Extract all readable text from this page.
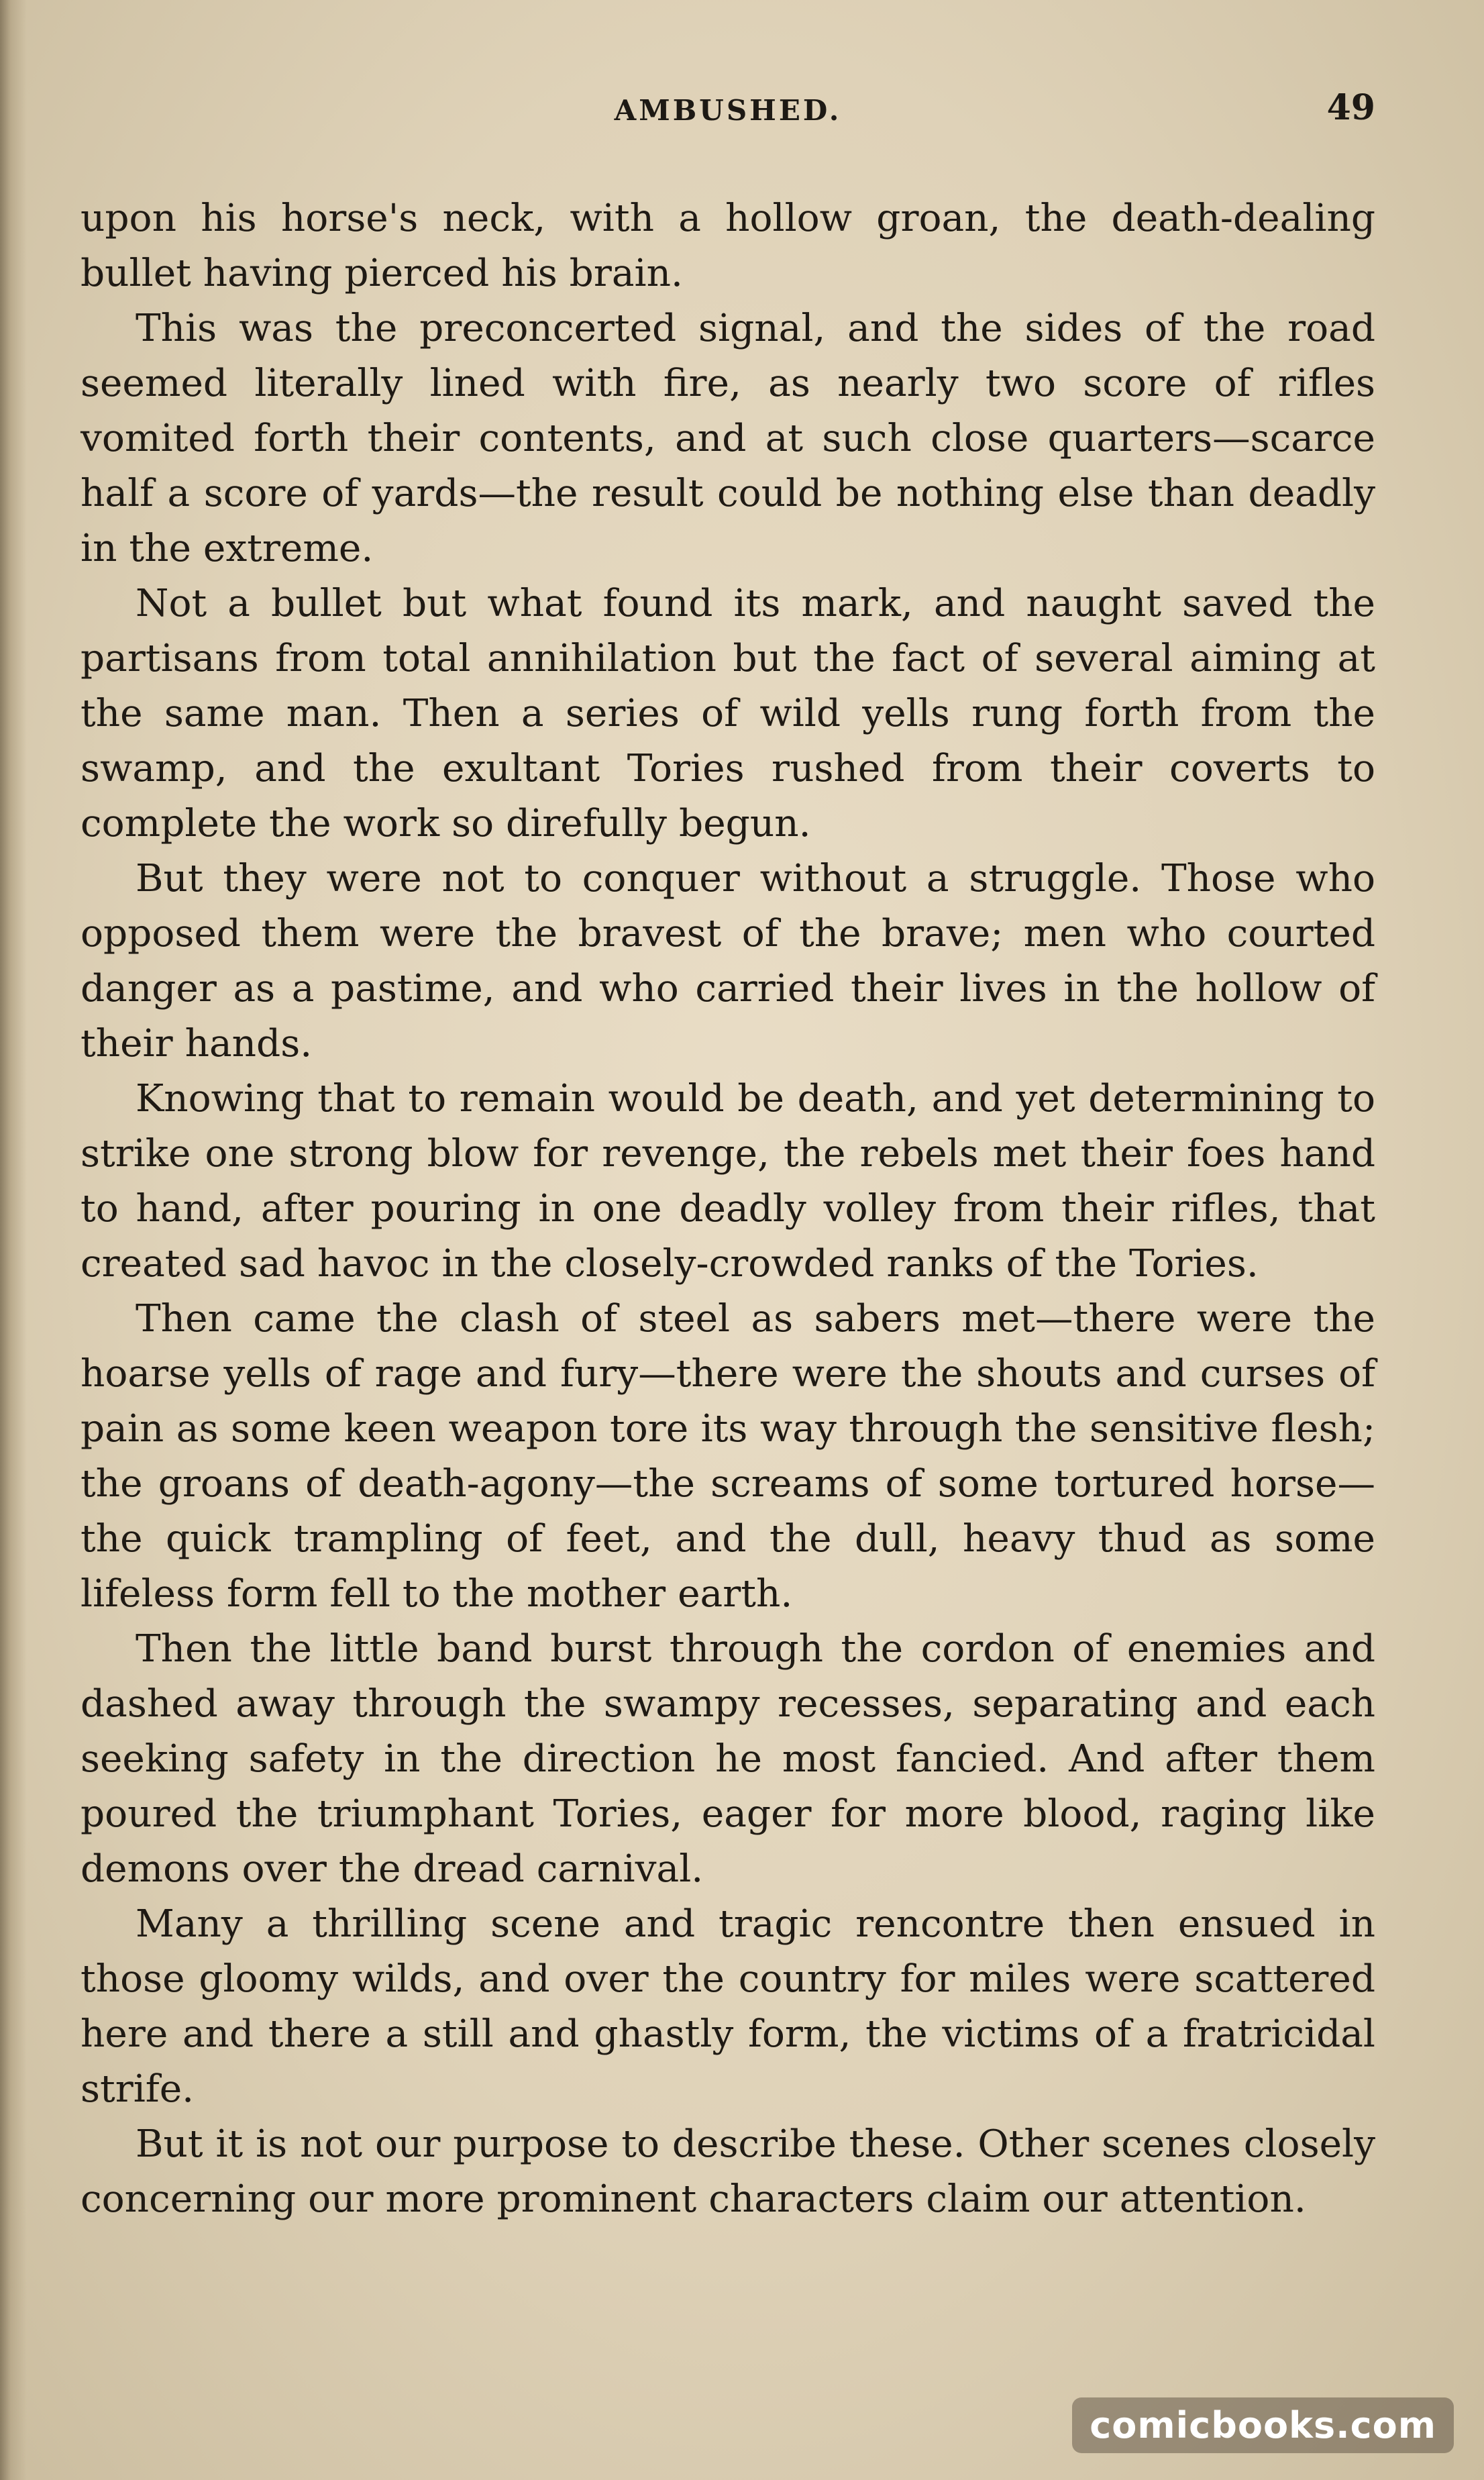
AMBUSHED.	49

upon his horse's neck, with a hollow groan, the death-dealing bullet having pierced his brain.

This was the preconcerted signal, and the sides of the road seemed literally lined with fire, as nearly two score of rifles vomited forth their contents, and at such close quarters—scarce half a score of yards—the result could be nothing else than deadly in the extreme.

Not a bullet but what found its mark, and naught saved the partisans from total annihilation but the fact of several aiming at the same man. Then a series of wild yells rung forth from the swamp, and the exultant Tories rushed from their coverts to complete the work so direfully begun.

But they were not to conquer without a struggle. Those who opposed them were the bravest of the brave; men who courted danger as a pastime, and who carried their lives in the hollow of their hands.

Knowing that to remain would be death, and yet determining to strike one strong blow for revenge, the rebels met their foes hand to hand, after pouring in one deadly volley from their rifles, that created sad havoc in the closely-crowded ranks of the Tories.

Then came the clash of steel as sabers met—there were the hoarse yells of rage and fury—there were the shouts and curses of pain as some keen weapon tore its way through the sensitive flesh; the groans of death-agony—the screams of some tortured horse—the quick trampling of feet, and the dull, heavy thud as some lifeless form fell to the mother earth.

Then the little band burst through the cordon of enemies and dashed away through the swampy recesses, separating and each seeking safety in the direction he most fancied. And after them poured the triumphant Tories, eager for more blood, raging like demons over the dread carnival.

Many a thrilling scene and tragic rencontre then ensued in those gloomy wilds, and over the country for miles were scattered here and there a still and ghastly form, the victims of a fratricidal strife.

But it is not our purpose to describe these. Other scenes closely concerning our more prominent characters claim our attention.

comicbooks.com
